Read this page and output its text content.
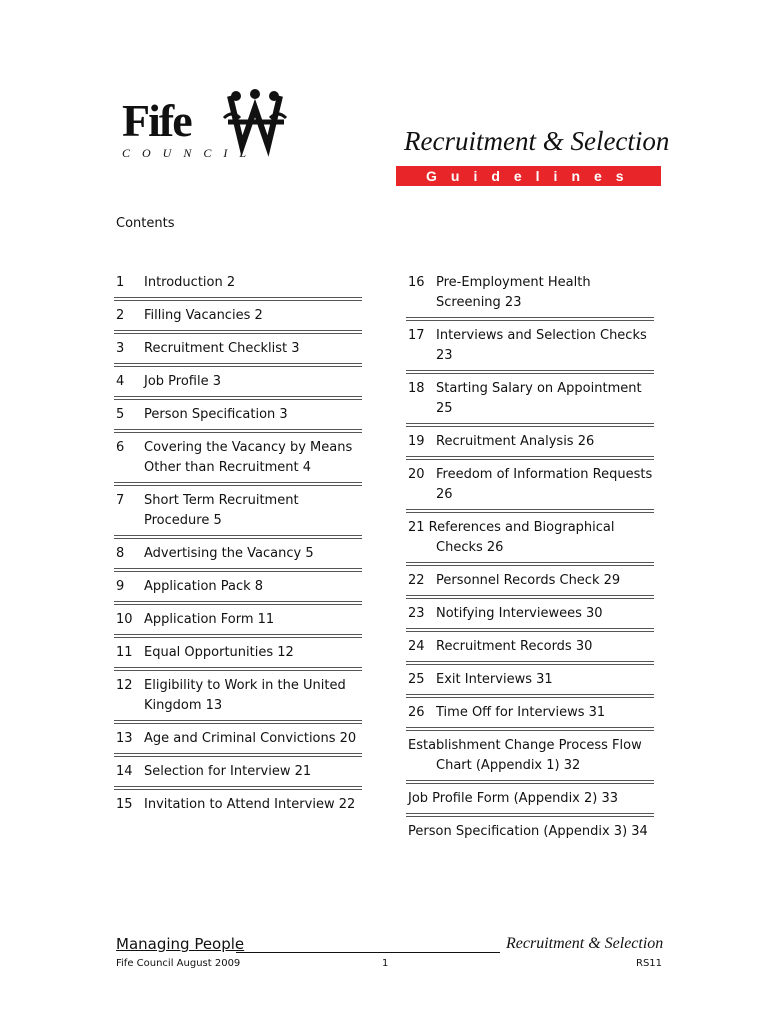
Fife
COUNCIL	Recruitment & Selection
Guidelines
Contents
1	Introduction 2
2	Filling Vacancies 2
3	Recruitment Checklist 3
4	Job Profile 3
5	Person Specification 3
6	Covering the Vacancy by Means Other than Recruitment 4
7	Short Term Recruitment Procedure 5
8	Advertising the Vacancy 5
9	Application Pack 8
10 Application Form 11
11 Equal Opportunities 12
12 Eligibility to Work in the United Kingdom 13
13 Age and Criminal Convictions 20
14 Selection for Interview 21
15 Invitation to Attend Interview 22
16 Pre-Employment Health Screening 23
17 Interviews and Selection Checks 23
18 Starting Salary on Appointment 25
19 Recruitment Analysis 26
20 Freedom of Information Requests 26
21 References and Biographical Checks 26
22 Personnel Records Check 29
23 Notifying Interviewees 30
24 Recruitment Records 30
25 Exit Interviews 31
26 Time Off for Interviews 31
Establishment Change Process Flow Chart (Appendix 1) 32
Job Profile Form (Appendix 2) 33
Person Specification (Appendix 3) 34
Managing People	Recruitment & Selection
Fife Council August 2009	1	RS11
